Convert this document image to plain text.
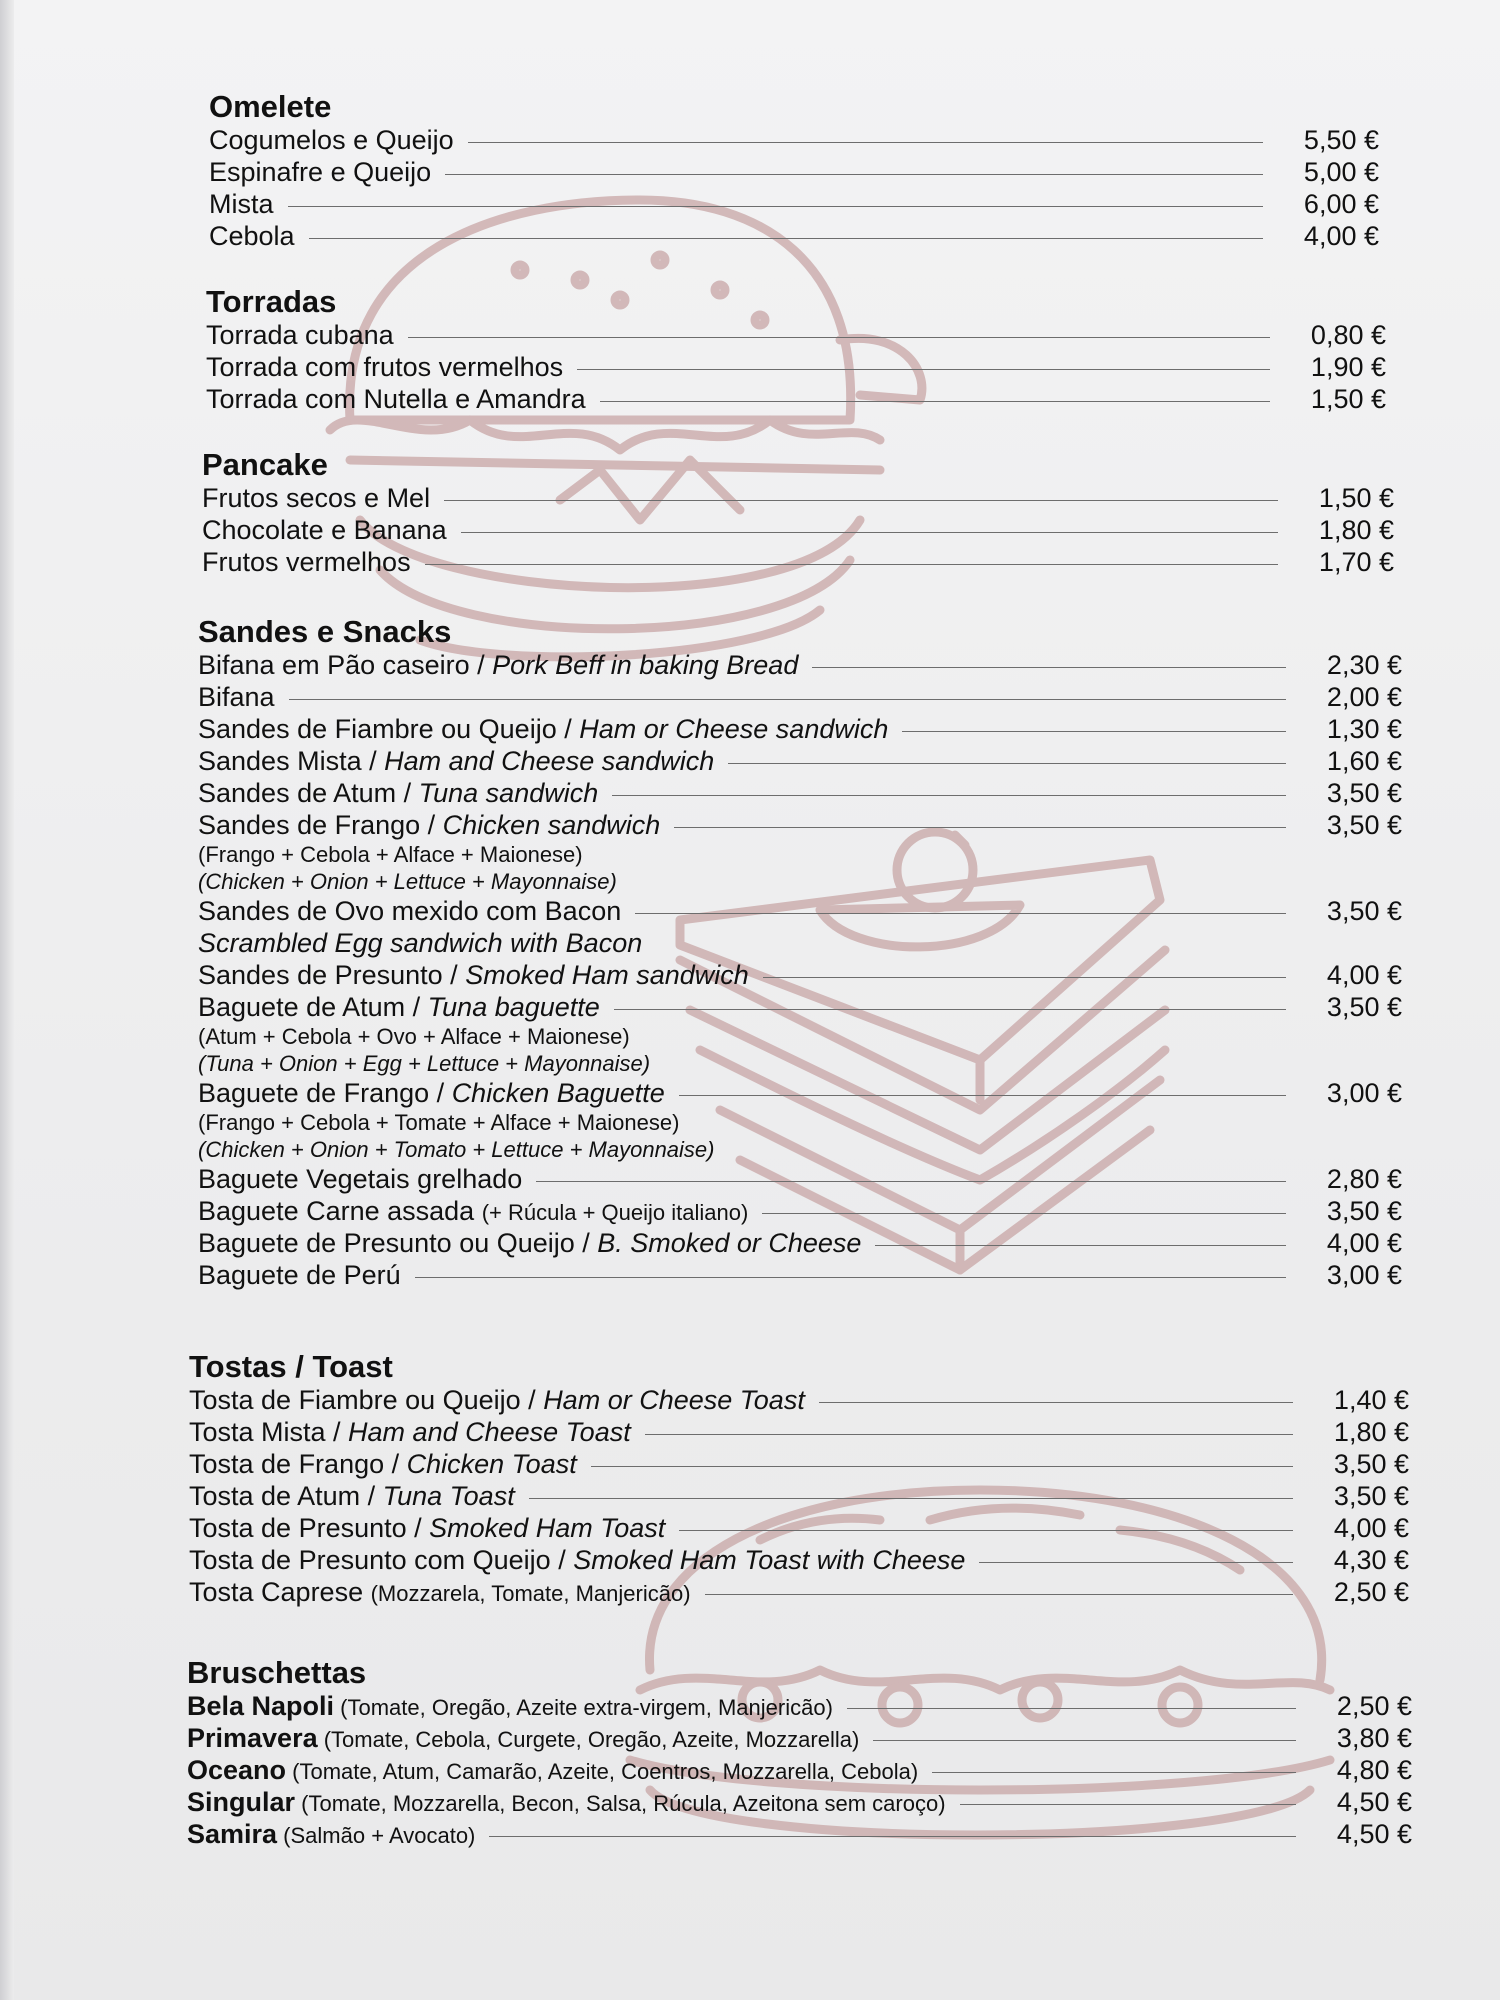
Omelete
Cogumelos e Queijo	5,50 €
Espinafre e Queijo	5,00 €
Mista	6,00 €
Cebola	4,00 €
Torradas
Torrada cubana	0,80 €
Torrada com frutos vermelhos	1,90 €
Torrada com Nutella e Amandra	1,50 €
Pancake
Frutos secos e Mel	1,50 €
Chocolate e Banana	1,80 €
Frutos vermelhos	1,70 €
Sandes e Snacks
Bifana em Pão caseiro / Pork Beff in baking Bread	2,30 €
Bifana	2,00 €
Sandes de Fiambre ou Queijo / Ham or Cheese sandwich	1,30 €
Sandes Mista / Ham and Cheese sandwich	1,60 €
Sandes de Atum / Tuna sandwich	3,50 €
Sandes de Frango / Chicken sandwich	3,50 €
(Frango + Cebola + Alface + Maionese)
(Chicken + Onion + Lettuce + Mayonnaise)
Sandes de Ovo mexido com Bacon	3,50 €
Scrambled Egg sandwich with Bacon
Sandes de Presunto / Smoked Ham sandwich	4,00 €
Baguete de Atum / Tuna baguette	3,50 €
(Atum + Cebola + Ovo + Alface + Maionese)
(Tuna + Onion + Egg + Lettuce + Mayonnaise)
Baguete de Frango / Chicken Baguette	3,00 €
(Frango + Cebola + Tomate + Alface + Maionese)
(Chicken + Onion + Tomato + Lettuce + Mayonnaise)
Baguete Vegetais grelhado	2,80 €
Baguete Carne assada (+ Rúcula + Queijo italiano)	3,50 €
Baguete de Presunto ou Queijo / B. Smoked or Cheese	4,00 €
Baguete de Perú	3,00 €
Tostas / Toast
Tosta de Fiambre ou Queijo / Ham or Cheese Toast	1,40 €
Tosta Mista / Ham and Cheese Toast	1,80 €
Tosta de Frango / Chicken Toast	3,50 €
Tosta de Atum / Tuna Toast	3,50 €
Tosta de Presunto / Smoked Ham Toast	4,00 €
Tosta de Presunto com Queijo / Smoked Ham Toast with Cheese	4,30 €
Tosta Caprese (Mozzarela, Tomate, Manjericão)	2,50 €
Bruschettas
Bela Napoli (Tomate, Oregão, Azeite extra-virgem, Manjericão)	2,50 €
Primavera (Tomate, Cebola, Curgete, Oregão, Azeite, Mozzarella)	3,80 €
Oceano (Tomate, Atum, Camarão, Azeite, Coentros, Mozzarella, Cebola)	4,80 €
Singular (Tomate, Mozzarella, Becon, Salsa, Rúcula, Azeitona sem caroço)	4,50 €
Samira (Salmão + Avocato)	4,50 €
